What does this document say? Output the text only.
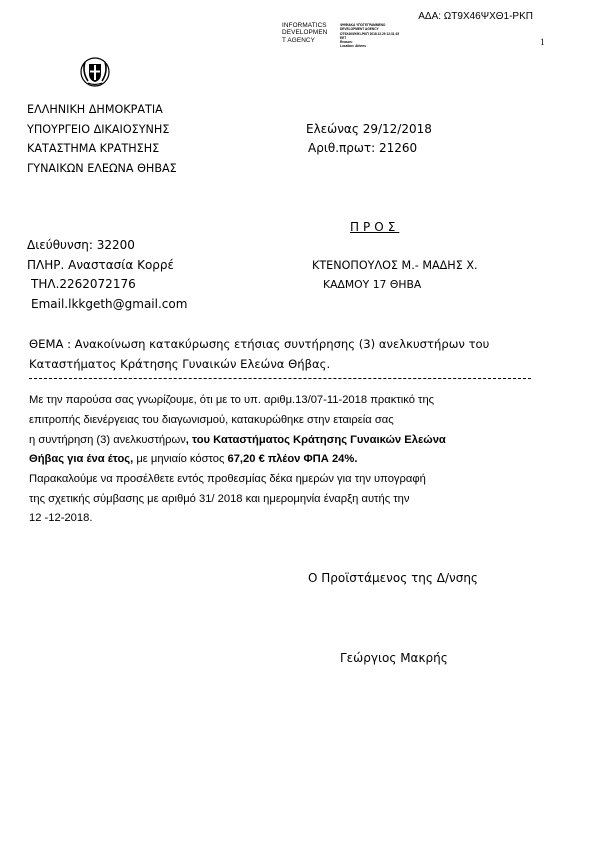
ΑΔΑ: ΩΤ9Χ46ΨΧΘ1-ΡΚΠ
1
INFORMATICS
DEVELOPMEN
T AGENCY
ΨΗΦΙΑΚΑ ΥΠΟΓΕΓΡΑΜΜΕΝΟ
DEVELOPMENT AGENCY
ΩΤ9Χ46ΨΧΘ1-ΡΚΠ 2018.12.29 12:31:15
EET
Reason:
Location: Athens
ΕΛΛΗΝΙΚΗ ΔΗΜΟΚΡΑΤΙΑ
ΥΠΟΥΡΓΕΙΟ ΔΙΚΑΙΟΣΥΝΗΣ
ΚΑΤΑΣΤΗΜΑ ΚΡΑΤΗΣΗΣ
ΓΥΝΑΙΚΩΝ ΕΛΕΩΝΑ ΘΗΒΑΣ
Ελεώνας 29/12/2018
Αριθ.πρωτ: 21260
ΠΡΟΣ
Διεύθυνση: 32200
ΠΛΗΡ. Αναστασία Κορρέ
ΤΗΛ.2262072176
Email.lkkgeth@gmail.com
ΚΤΕΝΟΠΟΥΛΟΣ Μ.- ΜΑΔΗΣ Χ.
ΚΑΔΜΟΥ 17 ΘΗΒΑ
ΘΕΜΑ : Ανακοίνωση κατακύρωσης ετήσιας συντήρησης (3) ανελκυστήρων του
Καταστήματος Κράτησης Γυναικών Ελεώνα Θήβας.
Με την παρούσα σας γνωρίζουμε, ότι με το υπ. αριθμ.13/07-11-2018 πρακτικό της
επιτροπής διενέργειας του διαγωνισμού, κατακυρώθηκε στην εταιρεία σας
η συντήρηση (3) ανελκυστήρων, του Καταστήματος Κράτησης Γυναικών Ελεώνα
Θήβας για ένα έτος, με μηνιαίο κόστος 67,20 € πλέον ΦΠΑ 24%.
Παρακαλούμε να προσέλθετε εντός προθεσμίας δέκα ημερών για την υπογραφή
της σχετικής σύμβασης με αριθμό 31/ 2018 και ημερομηνία έναρξη αυτής την
12 -12-2018.
Ο Προϊστάμενος της Δ/νσης
Γεώργιος Μακρής
